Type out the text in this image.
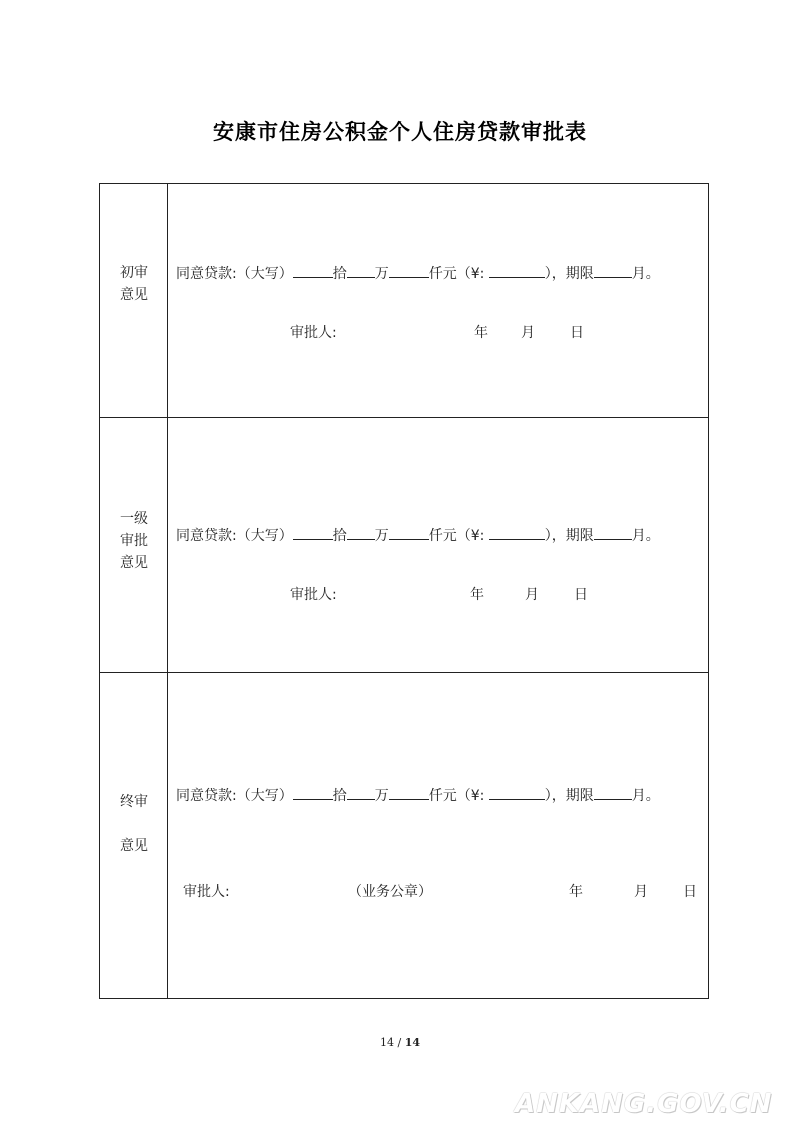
安康市住房公积金个人住房贷款审批表
初审
意见
同意贷款:（大写）	拾 万	仟元（¥:	），期限	月。
审批人:	年 月	日
一级
审批
意见
同意贷款:（大写）	拾 万	仟元（¥:	），期限	月。
审批人:	年	月	日
终审
意见
同意贷款:（大写）	拾 万	仟元（¥:	），期限	月。
审批人:	（业务公章）	年	月	日
14 / 14
ANKANG.GOV.CN
